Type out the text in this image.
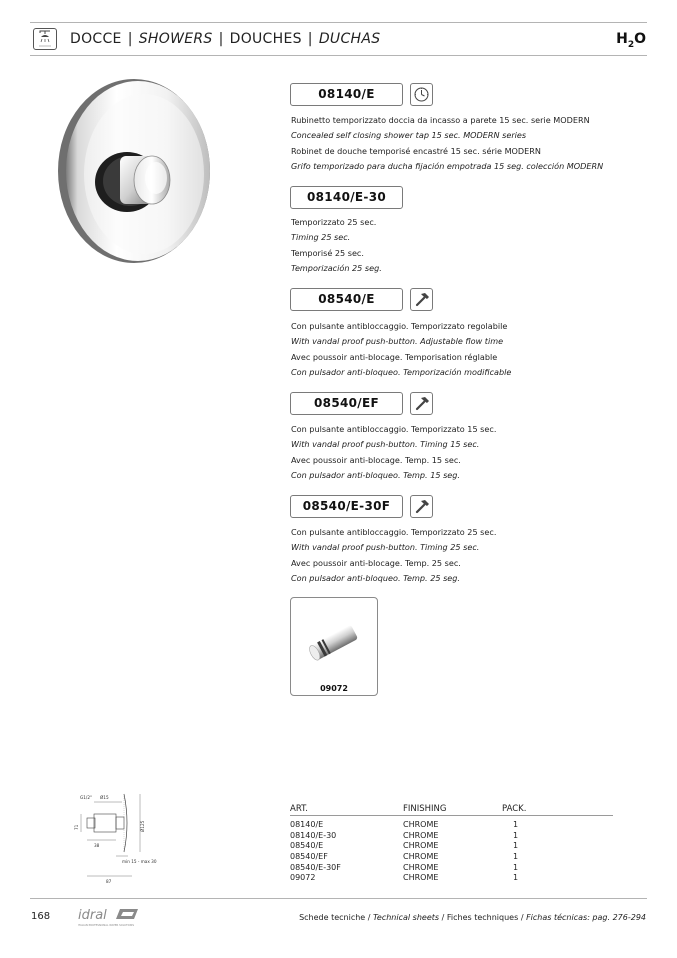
DOCCE | SHOWERS | DOUCHES | DUCHAS	$H_2O$
08140/E
Rubinetto temporizzato doccia da incasso a parete 15 sec. serie MODERN
Concealed self closing shower tap 15 sec. MODERN series
Robinet de douche temporisé encastré 15 sec. série MODERN
Grifo temporizado para ducha fijación empotrada 15 seg. colección MODERN
08140/E-30
Temporizzato 25 sec.
Timing 25 sec.
Temporisé 25 sec.
Temporización 25 seg.
08540/E
Con pulsante antibloccaggio. Temporizzato regolabile
With vandal proof push-button. Adjustable flow time
Avec poussoir anti-blocage. Temporisation réglable
Con pulsador anti-bloqueo. Temporización modificable
08540/EF
Con pulsante antibloccaggio. Temporizzato 15 sec.
With vandal proof push-button. Timing 15 sec.
Avec poussoir anti-blocage. Temp. 15 sec.
Con pulsador anti-bloqueo. Temp. 15 seg.
08540/E-30F
Con pulsante antibloccaggio. Temporizzato 25 sec.
With vandal proof push-button. Timing 25 sec.
Avec poussoir anti-blocage. Temp. 25 sec.
Con pulsador anti-bloqueo. Temp. 25 seg.
09072
G1/2" Ø15
Ø125
71
38
min 15 - max 30
87
ART.	FINISHING	PACK.
08140/E	CHROME	1
08140/E-30	CHROME	1
08540/E	CHROME	1
08540/EF	CHROME	1
08540/E-30F	CHROME	1
09072	CHROME	1
168 idral
ITALIAN PROFESSIONAL WATER SOLUTIONS
Schede tecniche / Technical sheets / Fiches techniques / Fichas técnicas: pag. 276-294
